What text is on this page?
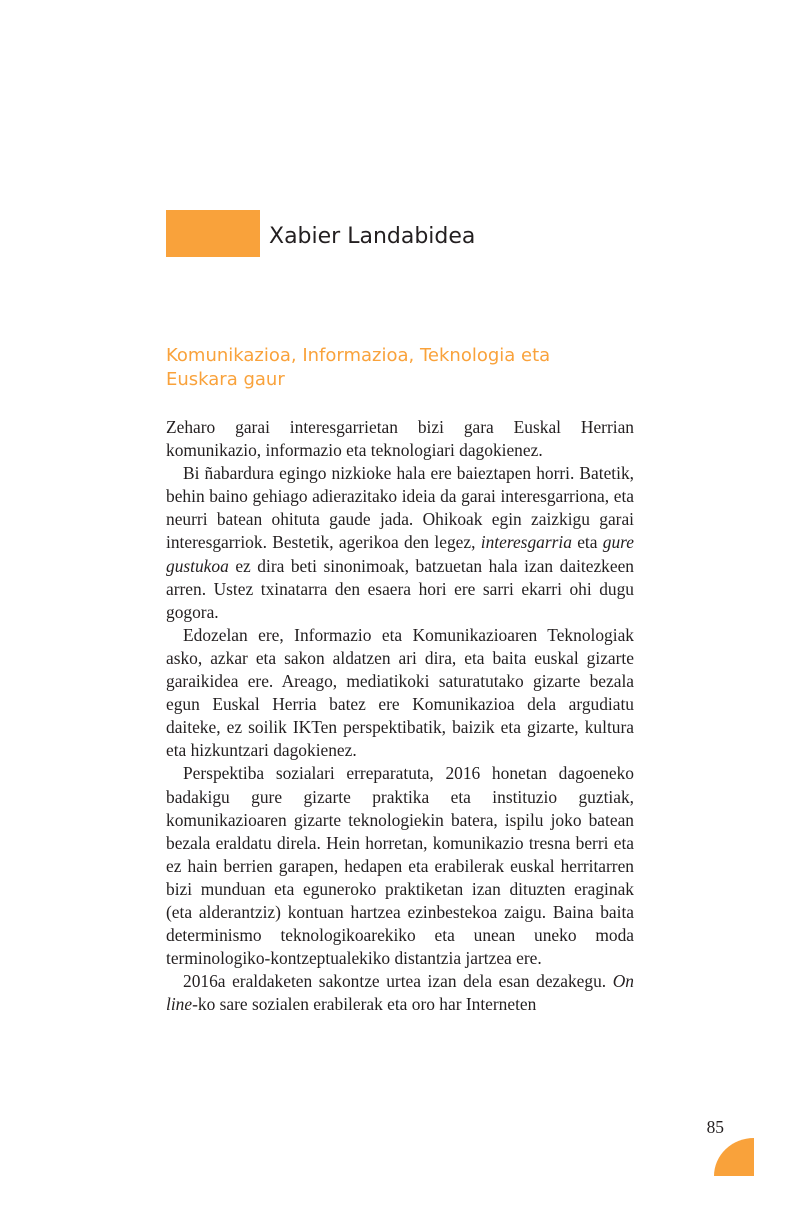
Xabier Landabidea
Komunikazioa, Informazioa, Teknologia eta
Euskara gaur

Zeharo garai interesgarrietan bizi gara Euskal Herrian komunikazio, informazio eta teknologiari dagokienez.

Bi ñabardura egingo nizkioke hala ere baieztapen horri. Batetik, behin baino gehiago adierazitako ideia da garai interesgarriona, eta neurri batean ohituta gaude jada. Ohikoak egin zaizkigu garai interesgarriok. Bestetik, agerikoa den legez, interesgarria eta gure gustukoa ez dira beti sinonimoak, batzuetan hala izan daitezkeen arren. Ustez txinatarra den esaera hori ere sarri ekarri ohi dugu gogora.

Edozelan ere, Informazio eta Komunikazioaren Teknologiak asko, azkar eta sakon aldatzen ari dira, eta baita euskal gizarte garaikidea ere. Areago, mediatikoki saturatutako gizarte bezala egun Euskal Herria batez ere Komunikazioa dela argudiatu daiteke, ez soilik IKTen perspektibatik, baizik eta gizarte, kultura eta hizkuntzari dagokienez.

Perspektiba sozialari erreparatuta, 2016 honetan dagoeneko badakigu gure gizarte praktika eta instituzio guztiak, komunikazioaren gizarte teknologiekin batera, ispilu joko batean bezala eraldatu direla. Hein horretan, komunikazio tresna berri eta ez hain berrien garapen, hedapen eta erabilerak euskal herritarren bizi munduan eta eguneroko praktiketan izan dituzten eraginak (eta alderantziz) kontuan hartzea ezinbestekoa zaigu. Baina baita determinismo teknologikoarekiko eta unean uneko moda terminologiko-kontzeptualekiko distantzia jartzea ere.

2016a eraldaketen sakontze urtea izan dela esan dezakegu. On line-ko sare sozialen erabilerak eta oro har Interneten

85
